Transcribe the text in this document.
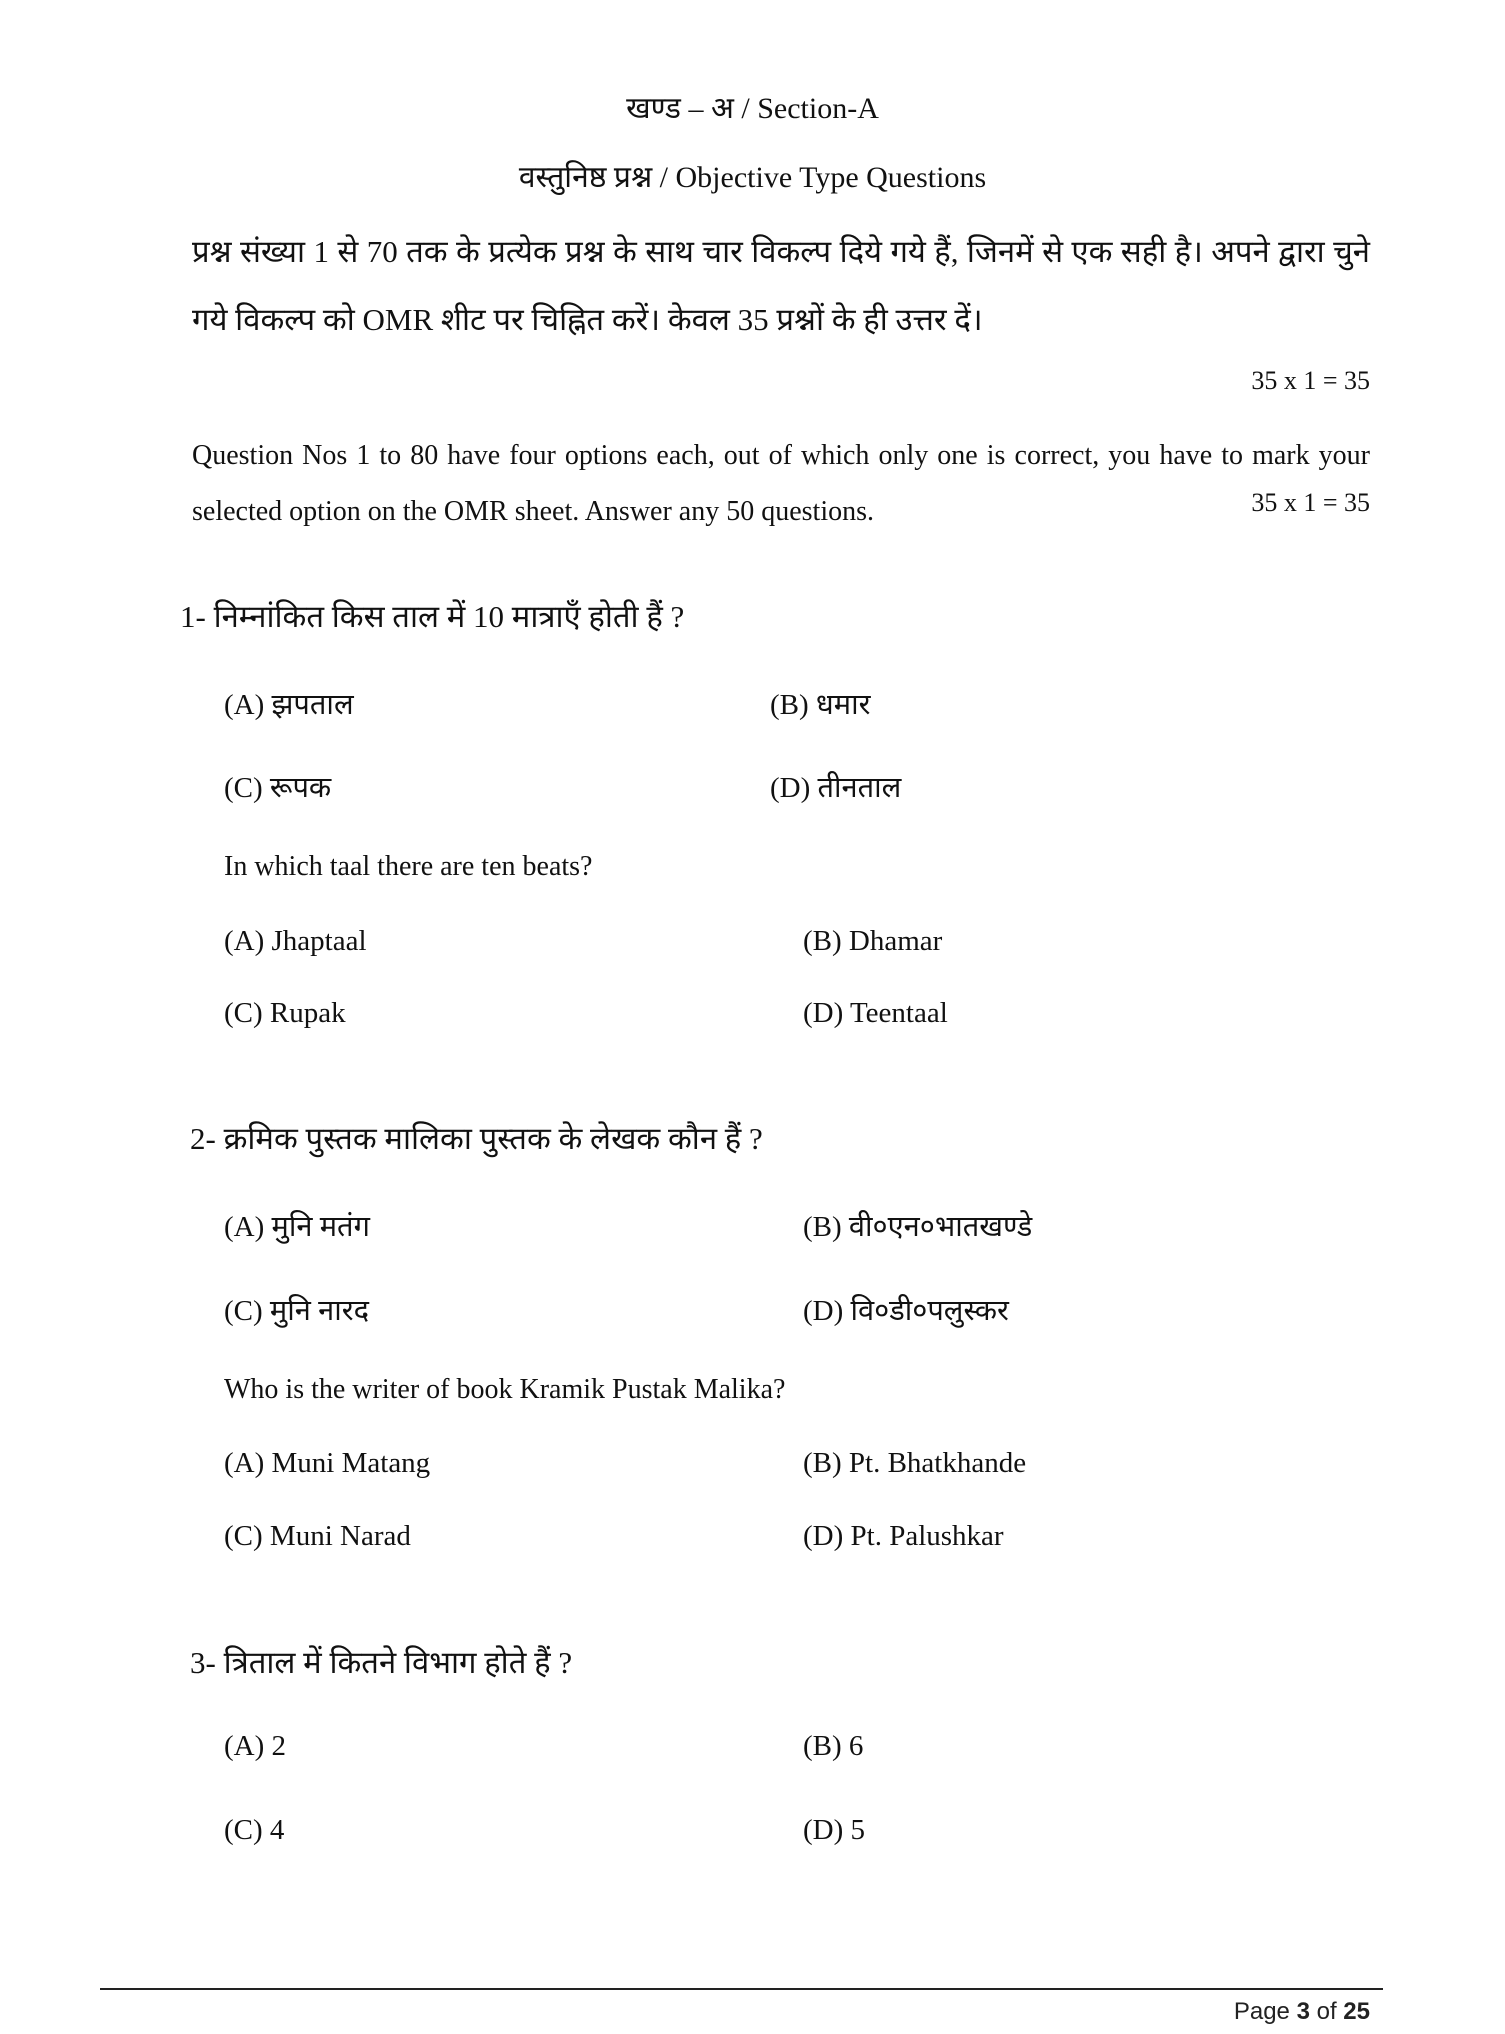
खण्ड – अ / Section-A
वस्तुनिष्ठ प्रश्न / Objective Type Questions
प्रश्न संख्या 1 से 70 तक के प्रत्येक प्रश्न के साथ चार विकल्प दिये गये हैं, जिनमें से एक सही है। अपने द्वारा चुने गये विकल्प को OMR शीट पर चिह्नित करें। केवल 35 प्रश्नों के ही उत्तर दें।
35 x 1 = 35
Question Nos 1 to 80 have four options each, out of which only one is correct, you have to mark your selected option on the OMR sheet. Answer any 50 questions.	35 x 1 = 35
1- निम्नांकित किस ताल में 10 मात्राएँ होती हैं ?
(A) झपताल	(B) धमार
(C) रूपक	(D) तीनताल
In which taal there are ten beats?
(A) Jhaptaal	(B) Dhamar
(C) Rupak	(D) Teentaal
2- क्रमिक पुस्तक मालिका पुस्तक के लेखक कौन हैं ?
(A) मुनि मतंग	(B) वी०एन०भातखण्डे
(C) मुनि नारद	(D) वि०डी०पलुस्कर
Who is the writer of book Kramik Pustak Malika?
(A) Muni Matang	(B) Pt. Bhatkhande
(C) Muni Narad	(D) Pt. Palushkar
3- त्रिताल में कितने विभाग होते हैं ?
(A) 2	(B) 6
(C) 4	(D) 5
Page 3 of 25
